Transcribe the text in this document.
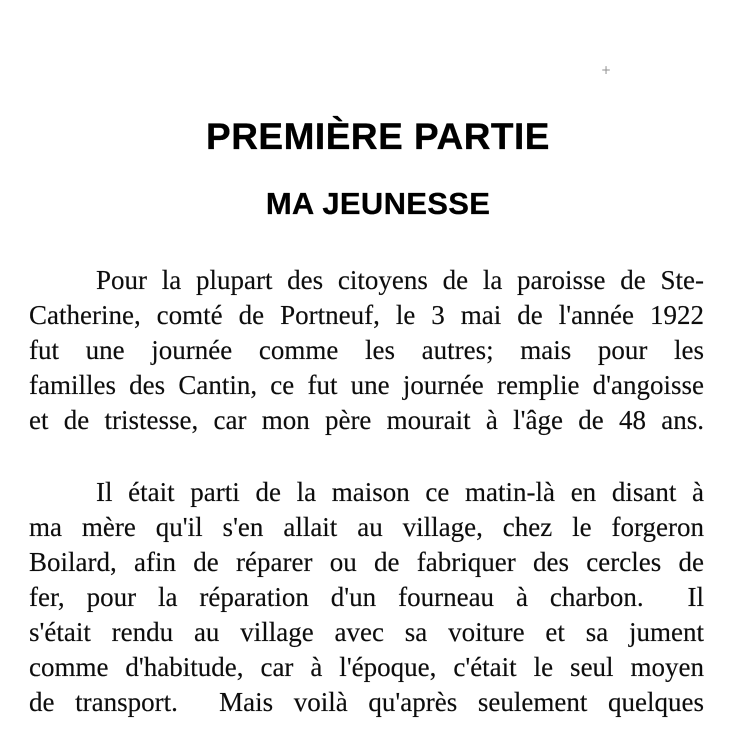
+
PREMIÈRE PARTIE
MA JEUNESSE
Pour la plupart des citoyens de la paroisse de Ste-
Catherine, comté de Portneuf, le 3 mai de l'année 1922
fut une journée comme les autres; mais pour les
familles des Cantin, ce fut une journée remplie d'angoisse
et de tristesse, car mon père mourait à l'âge de 48 ans.
Il était parti de la maison ce matin-là en disant à
ma mère qu'il s'en allait au village, chez le forgeron
Boilard, afin de réparer ou de fabriquer des cercles de
fer, pour la réparation d'un fourneau à charbon.  Il
s'était rendu au village avec sa voiture et sa jument
comme d'habitude, car à l'époque, c'était le seul moyen
de transport.  Mais voilà qu'après seulement quelques
